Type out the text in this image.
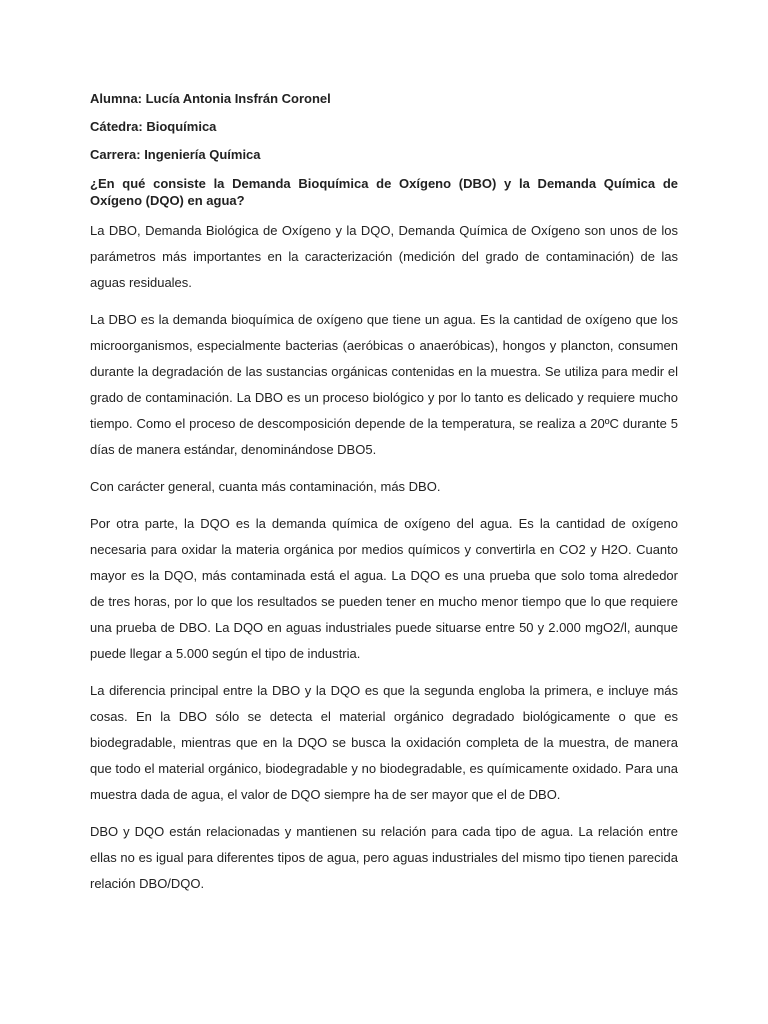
Alumna: Lucía Antonia Insfrán Coronel

Cátedra: Bioquímica

Carrera: Ingeniería Química

¿En qué consiste la Demanda Bioquímica de Oxígeno (DBO) y la Demanda Química de Oxígeno (DQO) en agua?

La DBO, Demanda Biológica de Oxígeno y la DQO, Demanda Química de Oxígeno son unos de los parámetros más importantes en la caracterización (medición del grado de contaminación) de las aguas residuales.

La DBO es la demanda bioquímica de oxígeno que tiene un agua. Es la cantidad de oxígeno que los microorganismos, especialmente bacterias (aeróbicas o anaeróbicas), hongos y plancton, consumen durante la degradación de las sustancias orgánicas contenidas en la muestra. Se utiliza para medir el grado de contaminación. La DBO es un proceso biológico y por lo tanto es delicado y requiere mucho tiempo. Como el proceso de descomposición depende de la temperatura, se realiza a 20ºC durante 5 días de manera estándar, denominándose DBO5.

Con carácter general, cuanta más contaminación, más DBO.

Por otra parte, la DQO es la demanda química de oxígeno del agua. Es la cantidad de oxígeno necesaria para oxidar la materia orgánica por medios químicos y convertirla en CO2 y H2O. Cuanto mayor es la DQO, más contaminada está el agua. La DQO es una prueba que solo toma alrededor de tres horas, por lo que los resultados se pueden tener en mucho menor tiempo que lo que requiere una prueba de DBO. La DQO en aguas industriales puede situarse entre 50 y 2.000 mgO2/l, aunque puede llegar a 5.000 según el tipo de industria.

La diferencia principal entre la DBO y la DQO es que la segunda engloba la primera, e incluye más cosas. En la DBO sólo se detecta el material orgánico degradado biológicamente o que es biodegradable, mientras que en la DQO se busca la oxidación completa de la muestra, de manera que todo el material orgánico, biodegradable y no biodegradable, es químicamente oxidado. Para una muestra dada de agua, el valor de DQO siempre ha de ser mayor que el de DBO.

DBO y DQO están relacionadas y mantienen su relación para cada tipo de agua. La relación entre ellas no es igual para diferentes tipos de agua, pero aguas industriales del mismo tipo tienen parecida relación DBO/DQO.
